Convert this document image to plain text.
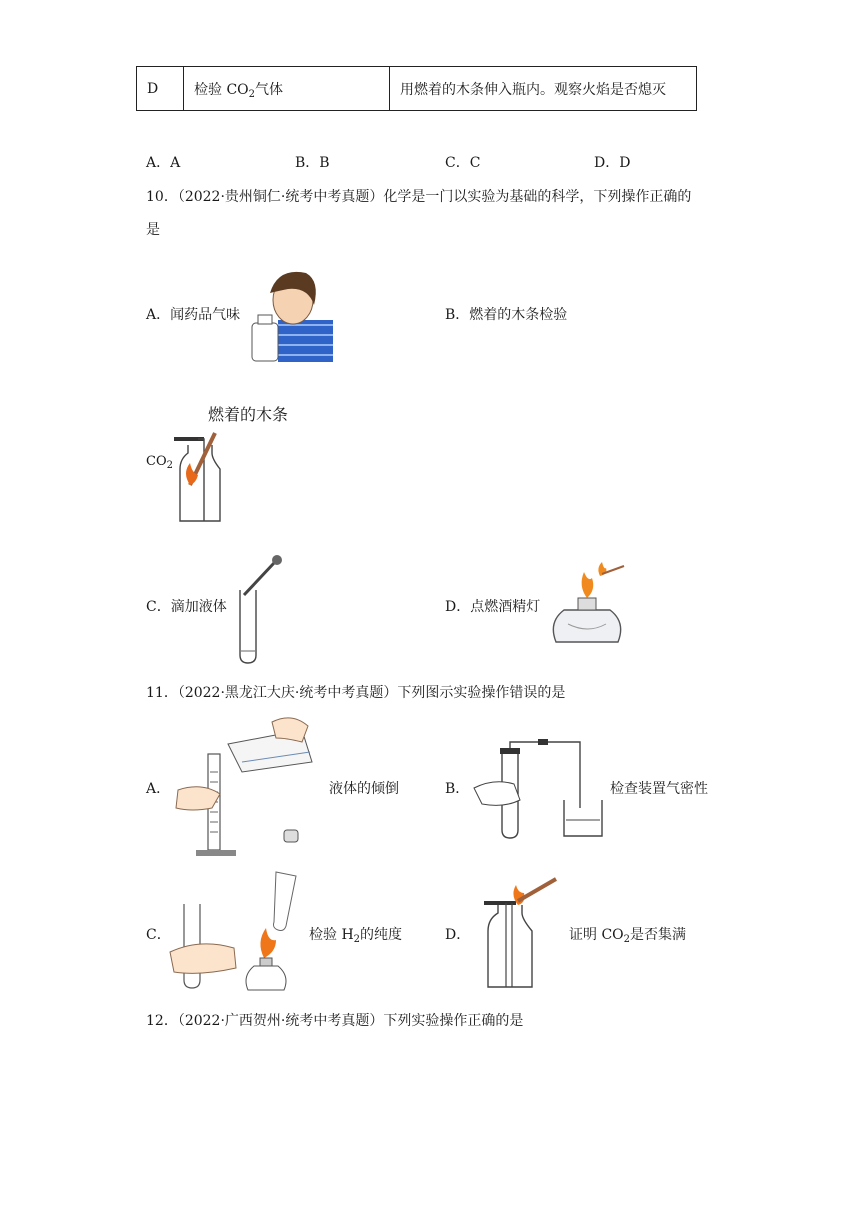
D	检验 $CO_2$气体	用燃着的木条伸入瓶内。观察火焰是否熄灭
A．A	B．B	C．C	D．D
10．（2022·贵州铜仁·统考中考真题）化学是一门以实验为基础的科学，下列操作正确的
是
A．闻药品气味	B．燃着的木条检验
燃着的木条
$CO_2$
C．滴加液体	D．点燃酒精灯
11．（2022·黑龙江大庆·统考中考真题）下列图示实验操作错误的是
A．	液体的倾倒	B．	检查装置气密性
C．	检验 $H_2$的纯度	D．	证明 $CO_2$是否集满
12．（2022·广西贺州·统考中考真题）下列实验操作正确的是
